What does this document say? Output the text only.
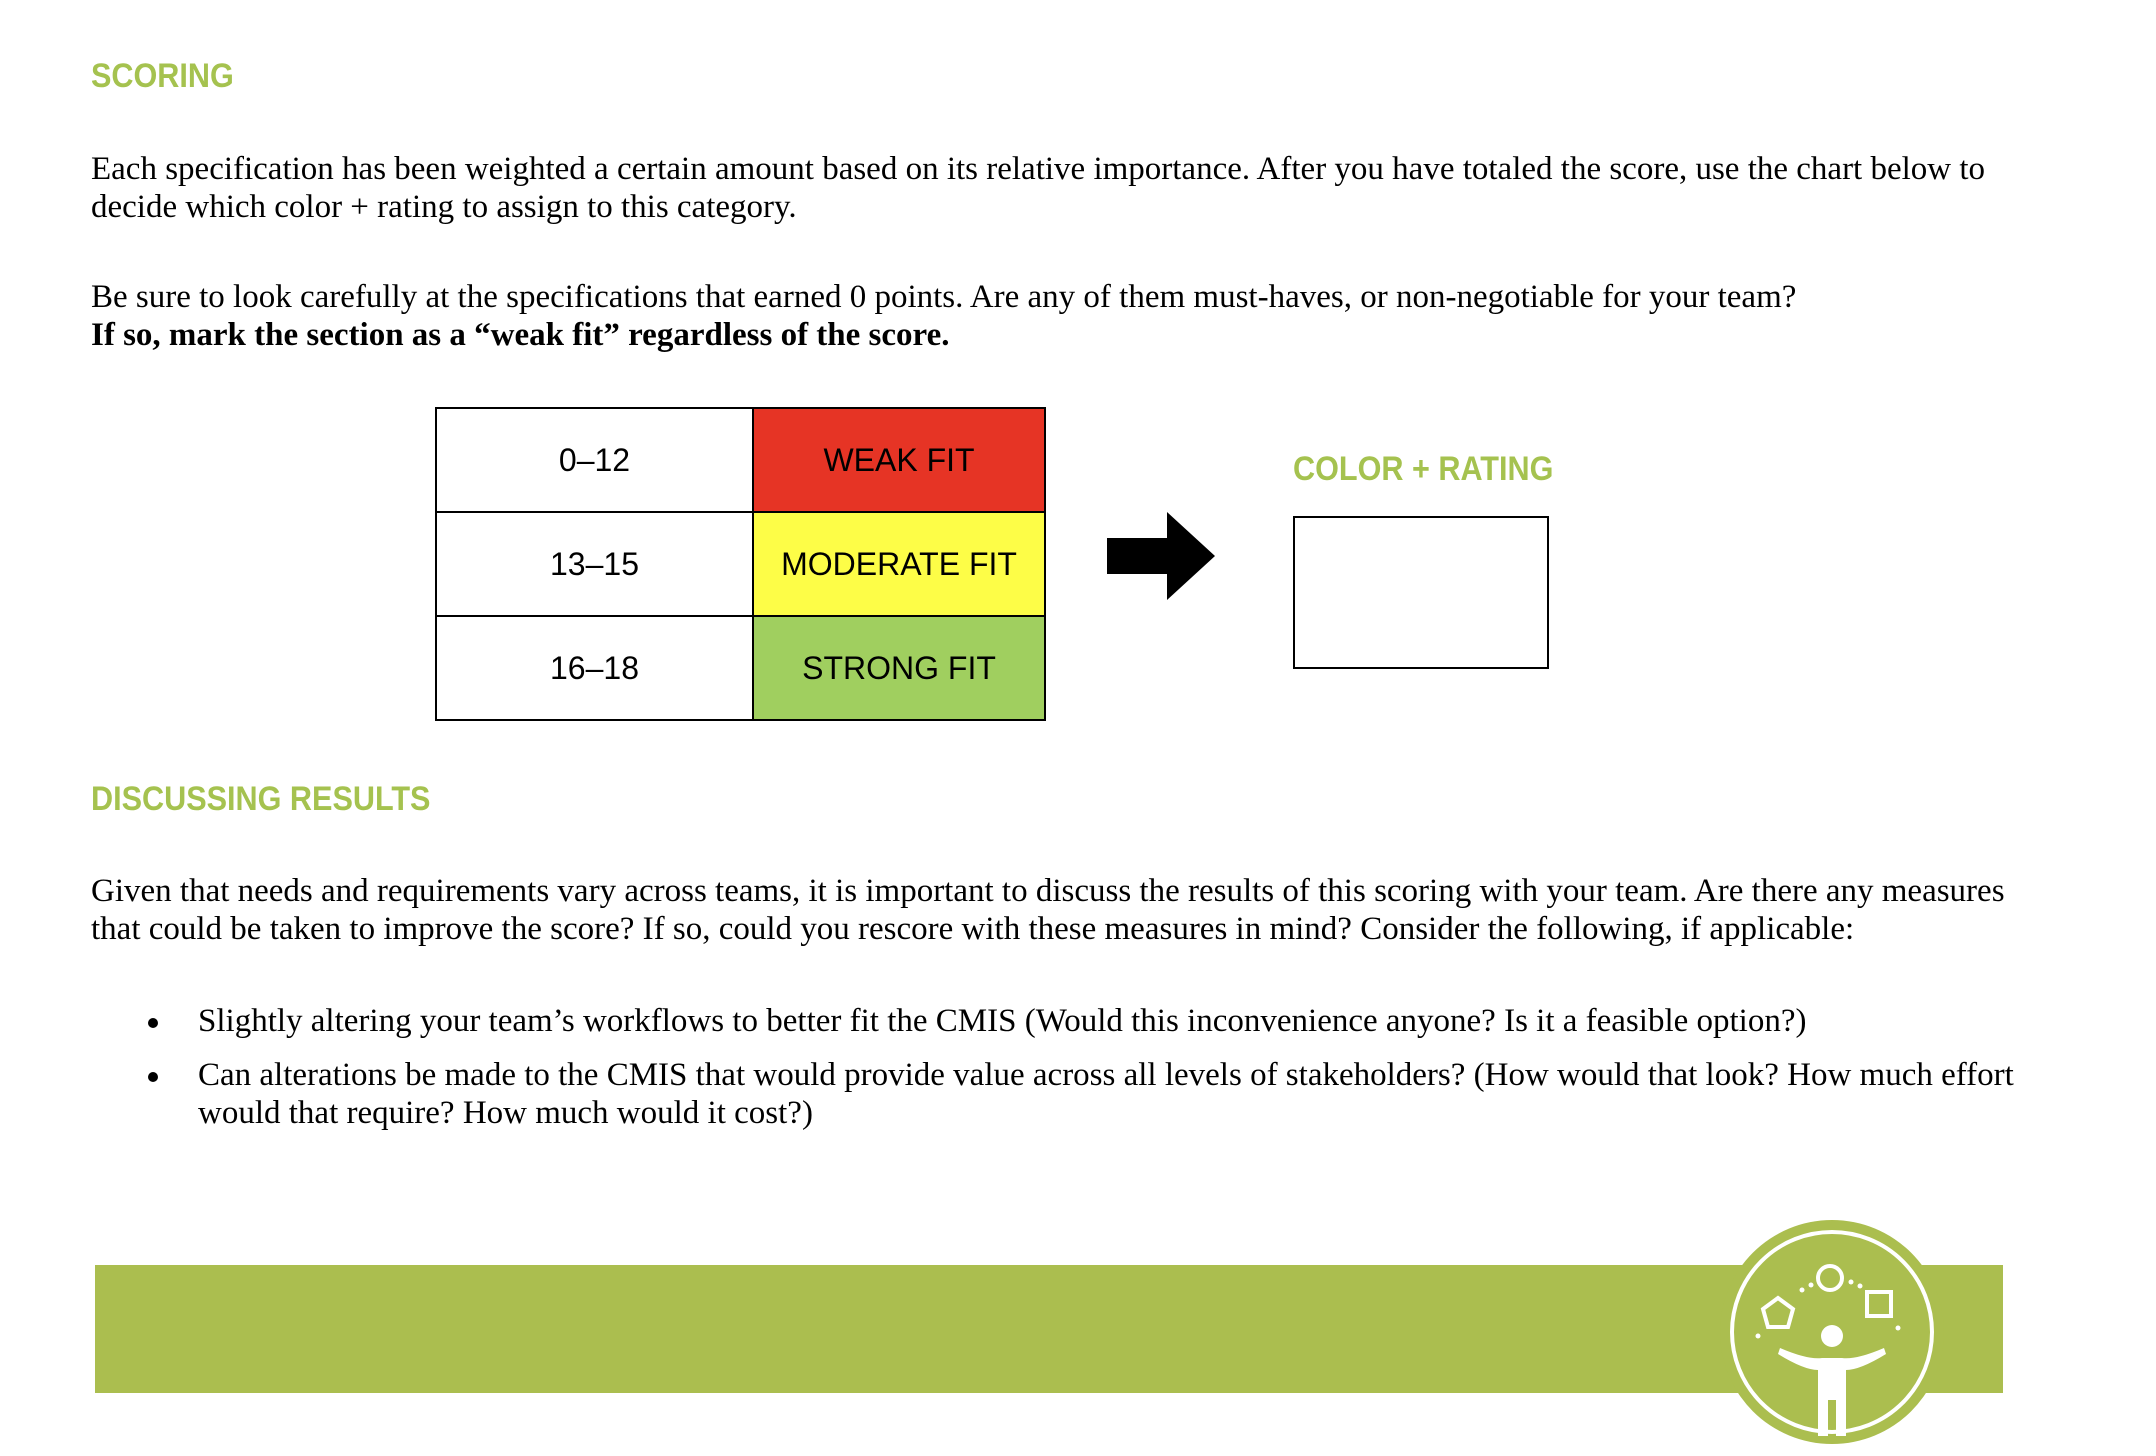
SCORING
Each specification has been weighted a certain amount based on its relative importance. After you have totaled the score, use the chart below to decide which color + rating to assign to this category.
Be sure to look carefully at the specifications that earned 0 points. Are any of them must-haves, or non-negotiable for your team?
If so, mark the section as a “weak fit” regardless of the score.
0–12	WEAK FIT
13–15	MODERATE FIT
16–18	STRONG FIT
COLOR + RATING
DISCUSSING RESULTS
Given that needs and requirements vary across teams, it is important to discuss the results of this scoring with your team. Are there any measures that could be taken to improve the score? If so, could you rescore with these measures in mind? Consider the following, if applicable:
Slightly altering your team’s workflows to better fit the CMIS (Would this inconvenience anyone? Is it a feasible option?)
Can alterations be made to the CMIS that would provide value across all levels of stakeholders? (How would that look? How much effort would that require? How much would it cost?)
